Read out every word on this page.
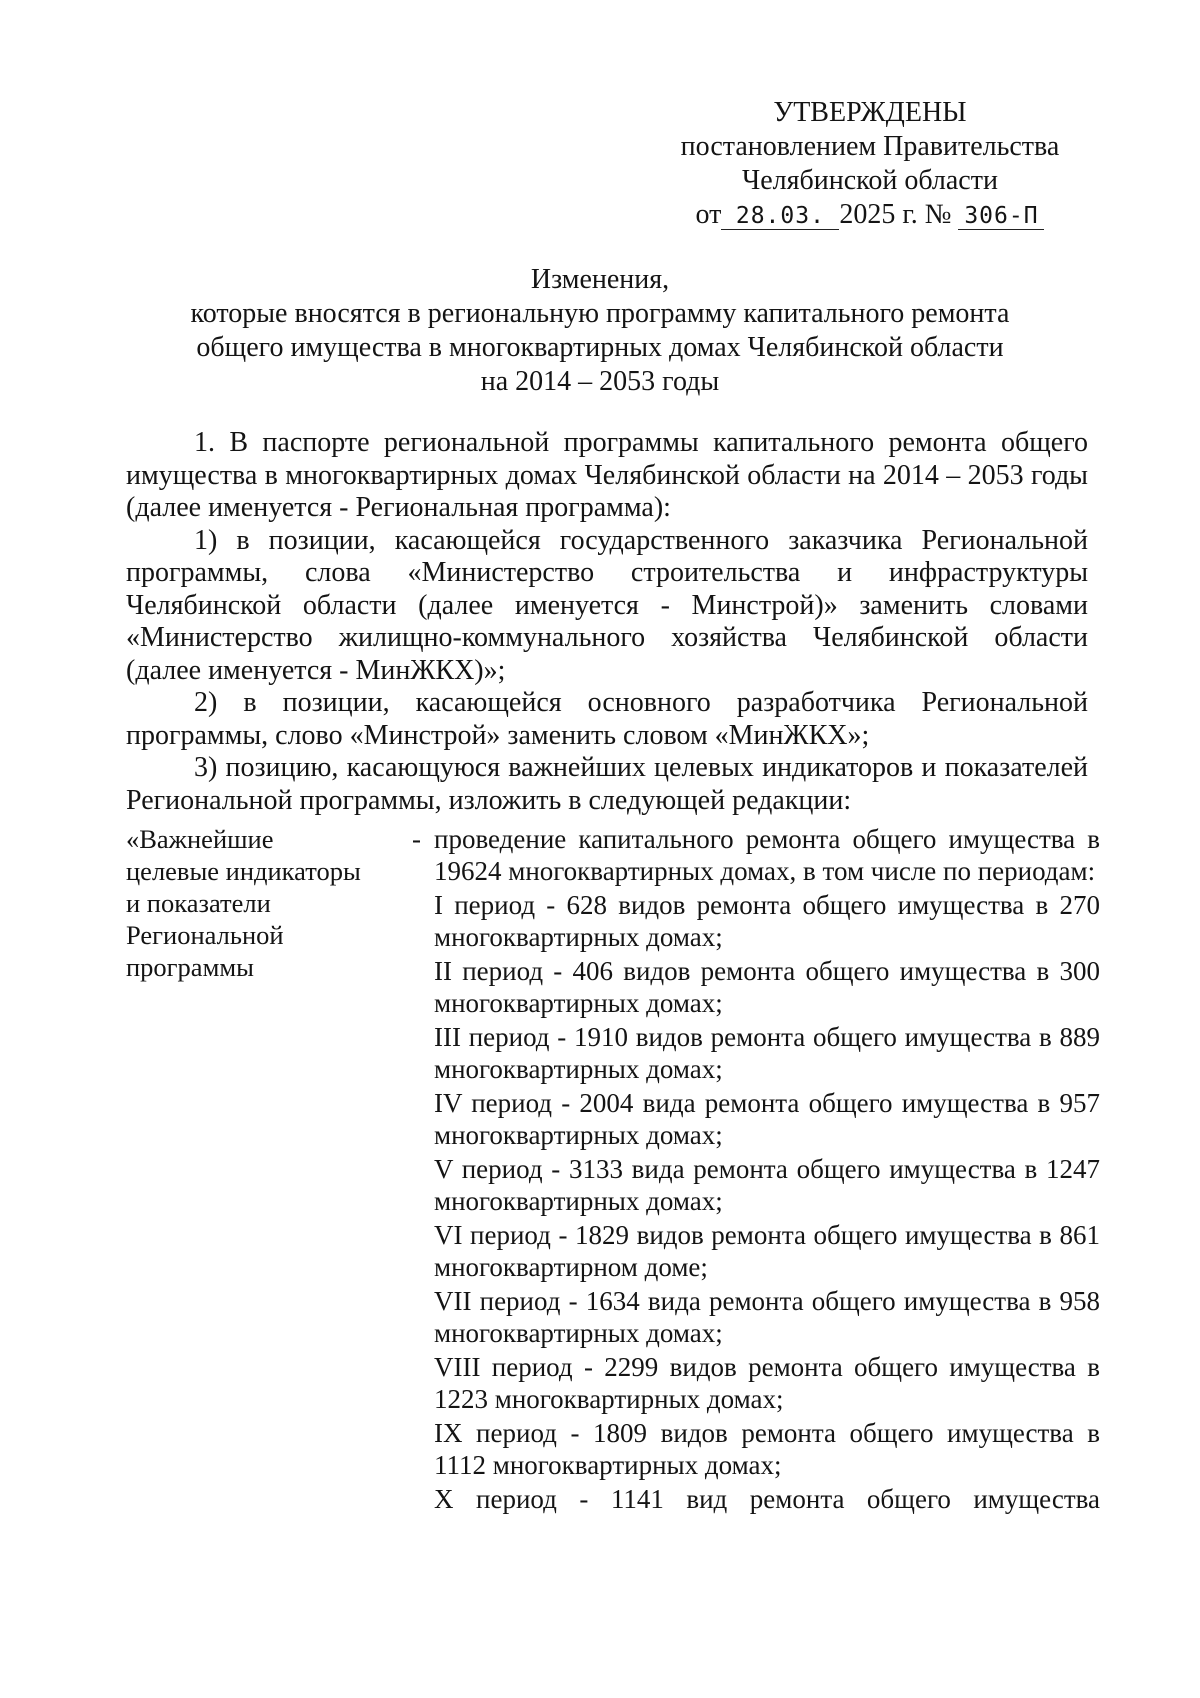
УТВЕРЖДЕНЫ
постановлением Правительства
Челябинской области
от 28.03. 2025 г. № 306-П
Изменения,
которые вносятся в региональную программу капитального ремонта
общего имущества в многоквартирных домах Челябинской области
на 2014 – 2053 годы

1. В паспорте региональной программы капитального ремонта общего имущества в многоквартирных домах Челябинской области на 2014 – 2053 годы (далее именуется - Региональная программа):

1) в позиции, касающейся государственного заказчика Региональной программы, слова «Министерство строительства и инфраструктуры Челябинской области (далее именуется - Минстрой)» заменить словами «Министерство жилищно-коммунального хозяйства Челябинской области (далее именуется - МинЖКХ)»;

2) в позиции, касающейся основного разработчика Региональной программы, слово «Минстрой» заменить словом «МинЖКХ»;

3) позицию, касающуюся важнейших целевых индикаторов и показателей Региональной программы, изложить в следующей редакции:

«Важнейшие
целевые индикаторы
и показатели
Региональной
программы
- проведение капитального ремонта общего имущества в 19624 многоквартирных домах, в том числе по периодам:

I период - 628 видов ремонта общего имущества в 270 многоквартирных домах;

II период - 406 видов ремонта общего имущества в 300 многоквартирных домах;

III период - 1910 видов ремонта общего имущества в 889 многоквартирных домах;

IV период - 2004 вида ремонта общего имущества в 957 многоквартирных домах;

V период - 3133 вида ремонта общего имущества в 1247 многоквартирных домах;

VI период - 1829 видов ремонта общего имущества в 861 многоквартирном доме;

VII период - 1634 вида ремонта общего имущества в 958 многоквартирных домах;

VIII период - 2299 видов ремонта общего имущества в 1223 многоквартирных домах;

IX период - 1809 видов ремонта общего имущества в 1112 многоквартирных домах;

X период - 1141 вид ремонта общего имущества
